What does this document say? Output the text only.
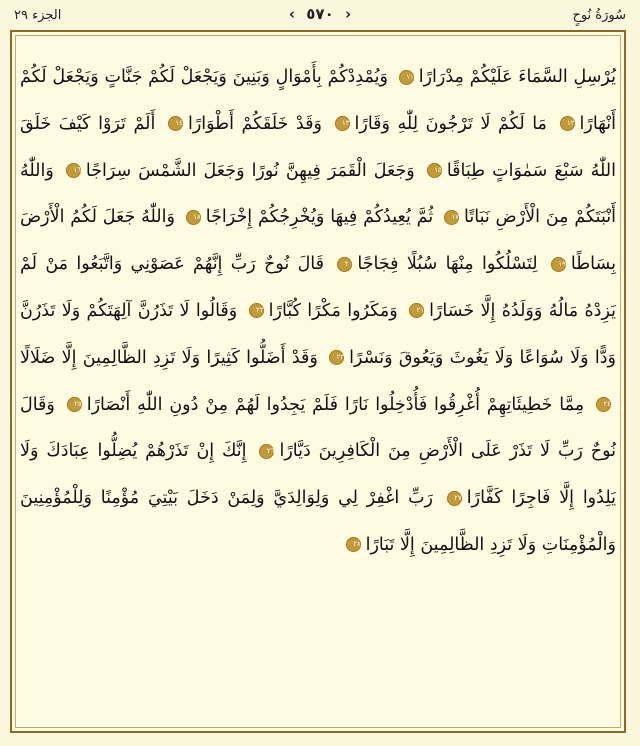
الجزء ٢٩	‹ ٥٧٠ ›	سُورَةُ نُوحٍ
يُرْسِلِ السَّمَاءَ عَلَيْكُمْ مِدْرَارًا١١ وَيُمْدِدْكُمْ بِأَمْوَالٍ وَبَنِينَ وَيَجْعَلْ لَكُمْ جَنَّاتٍ وَيَجْعَلْ لَكُمْ أَنْهَارًا١٢ مَا لَكُمْ لَا تَرْجُونَ لِلّٰهِ وَقَارًا١٣ وَقَدْ خَلَقَكُمْ أَطْوَارًا١٤ أَلَمْ تَرَوْا كَيْفَ خَلَقَ اللّٰهُ سَبْعَ سَمٰوَاتٍ طِبَاقًا١٥ وَجَعَلَ الْقَمَرَ فِيهِنَّ نُورًا وَجَعَلَ الشَّمْسَ سِرَاجًا١٦ وَاللّٰهُ أَنْبَتَكُمْ مِنَ الْأَرْضِ نَبَاتًا١٧ ثُمَّ يُعِيدُكُمْ فِيهَا وَيُخْرِجُكُمْ إِخْرَاجًا١٨ وَاللّٰهُ جَعَلَ لَكُمُ الْأَرْضَ بِسَاطًا١٩ لِتَسْلُكُوا مِنْهَا سُبُلًا فِجَاجًا٢٠ قَالَ نُوحٌ رَبِّ إِنَّهُمْ عَصَوْنِي وَاتَّبَعُوا مَنْ لَمْ يَزِدْهُ مَالُهُ وَوَلَدُهُ إِلَّا خَسَارًا٢١ وَمَكَرُوا مَكْرًا كُبَّارًا٢٢ وَقَالُوا لَا تَذَرُنَّ آلِهَتَكُمْ وَلَا تَذَرُنَّ وَدًّا وَلَا سُوَاعًا وَلَا يَغُوثَ وَيَعُوقَ وَنَسْرًا٢٣ وَقَدْ أَضَلُّوا كَثِيرًا وَلَا تَزِدِ الظَّالِمِينَ إِلَّا ضَلَالًا٢٤ مِمَّا خَطِيئَاتِهِمْ أُغْرِقُوا فَأُدْخِلُوا نَارًا فَلَمْ يَجِدُوا لَهُمْ مِنْ دُونِ اللّٰهِ أَنْصَارًا٢٥ وَقَالَ نُوحٌ رَبِّ لَا تَذَرْ عَلَى الْأَرْضِ مِنَ الْكَافِرِينَ دَيَّارًا٢٦ إِنَّكَ إِنْ تَذَرْهُمْ يُضِلُّوا عِبَادَكَ وَلَا يَلِدُوا إِلَّا فَاجِرًا كَفَّارًا٢٧ رَبِّ اغْفِرْ لِي وَلِوَالِدَيَّ وَلِمَنْ دَخَلَ بَيْتِيَ مُؤْمِنًا وَلِلْمُؤْمِنِينَ وَالْمُؤْمِنَاتِ وَلَا تَزِدِ الظَّالِمِينَ إِلَّا تَبَارًا٢٨
